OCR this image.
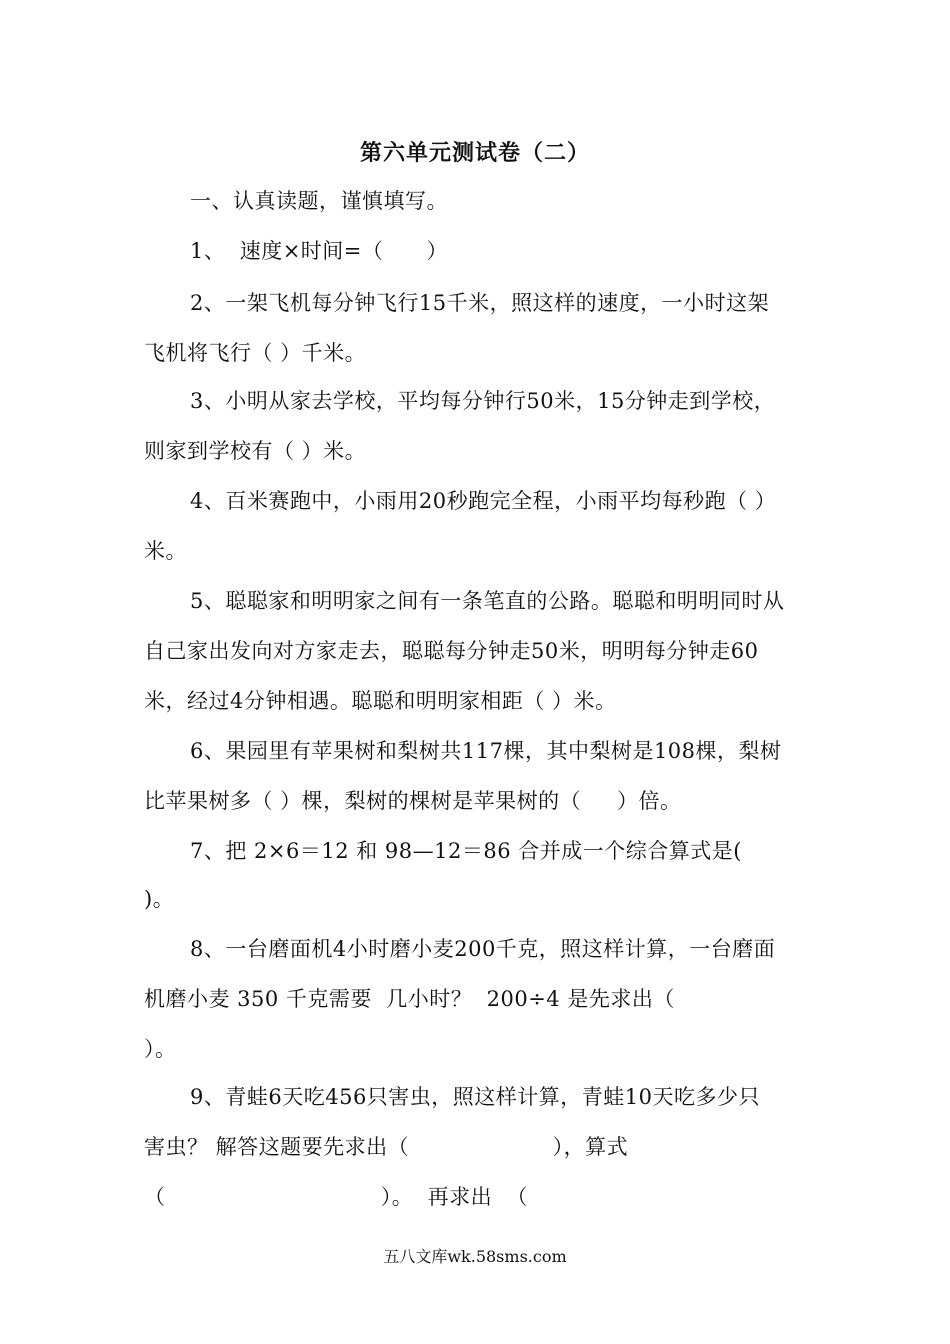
第六单元测试卷（二）
一、认真读题，谨慎填写。
1、  速度×时间=（      ）
2、一架飞机每分钟飞行15千米，照这样的速度，一小时这架
飞机将飞行（ ）千米。
3、小明从家去学校，平均每分钟行50米，15分钟走到学校，
则家到学校有（ ）米。
4、百米赛跑中，小雨用20秒跑完全程，小雨平均每秒跑（ ）
米。
5、聪聪家和明明家之间有一条笔直的公路。聪聪和明明同时从
自己家出发向对方家走去，聪聪每分钟走50米，明明每分钟走60
米，经过4分钟相遇。聪聪和明明家相距（ ）米。
6、果园里有苹果树和梨树共117棵，其中梨树是108棵，梨树
比苹果树多（ ）棵，梨树的棵树是苹果树的（     ）倍。
7、把 2×6＝12 和 98—12＝86 合并成一个综合算式是(
)。
8、一台磨面机4小时磨小麦200千克，照这样计算，一台磨面
机磨小麦 350 千克需要  几小时？  200÷4 是先求出（
）。
9、青蛙6天吃456只害虫，照这样计算，青蛙10天吃多少只
害虫？ 解答这题要先求出（                    ），算式
（                              ）。  再求出  （
五八文库wk.58sms.com
